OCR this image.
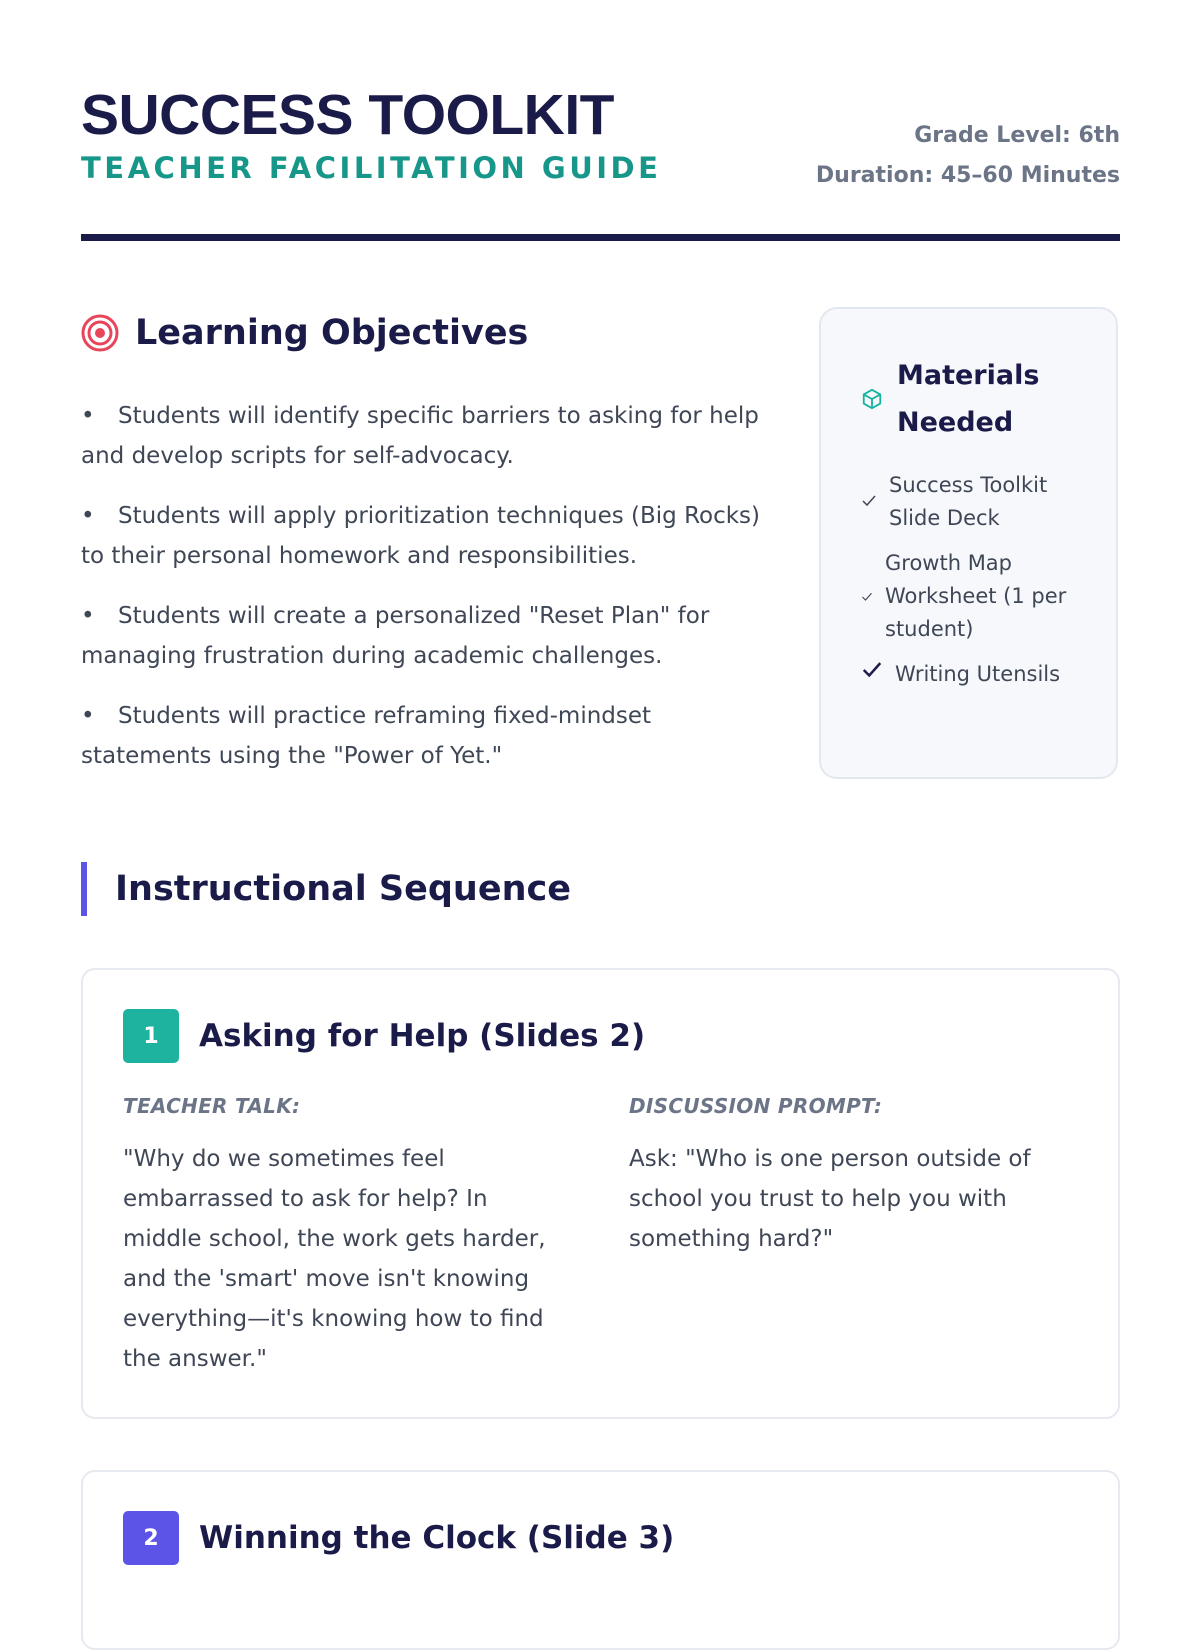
SUCCESS TOOLKIT
TEACHER FACILITATION GUIDE
Grade Level: 6th
Duration: 45–60 Minutes
Learning Objectives
• Students will identify specific barriers to asking for help and develop scripts for self-advocacy.
• Students will apply prioritization techniques (Big Rocks) to their personal homework and responsibilities.
• Students will create a personalized "Reset Plan" for managing frustration during academic challenges.
• Students will practice reframing fixed-mindset statements using the "Power of Yet."
Materials
Needed
Success Toolkit Slide Deck
Growth Map Worksheet (1 per student)
Writing Utensils
Instructional Sequence
1	Asking for Help (Slides 2)
TEACHER TALK:
"Why do we sometimes feel embarrassed to ask for help? In middle school, the work gets harder, and the 'smart' move isn't knowing everything—it's knowing how to find the answer."
DISCUSSION PROMPT:
Ask: "Who is one person outside of school you trust to help you with something hard?"
2	Winning the Clock (Slide 3)
